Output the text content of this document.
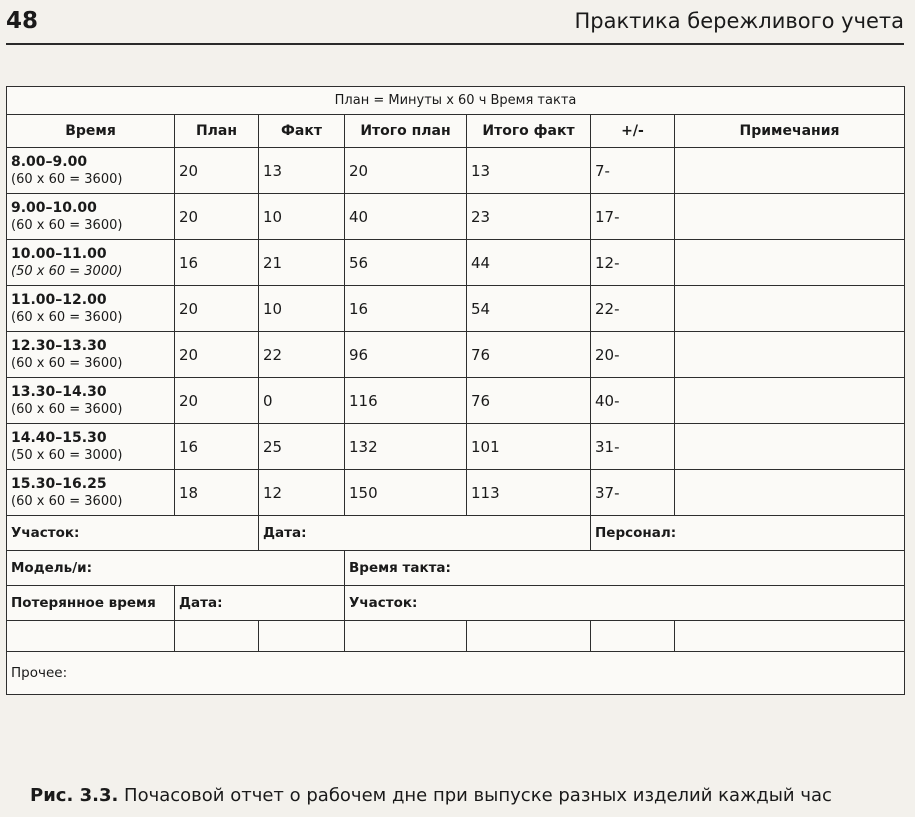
48	Практика бережливого учета
План = Минуты х 60 ч Время такта						
Время	План	Факт	Итого план	Итого факт	+/-	Примечания

8.00–9.00
(60 х 60 = 3600)	20	13	20	13	7-	

9.00–10.00
(60 х 60 = 3600)	20	10	40	23	17-	

10.00–11.00
(50 х 60 = 3000)	16	21	56	44	12-	

11.00–12.00
(60 х 60 = 3600)	20	10	16	54	22-	

12.30–13.30
(60 х 60 = 3600)	20	22	96	76	20-	

13.30–14.30
(60 х 60 = 3600)	20	0	116	76	40-	

14.40–15.30
(50 х 60 = 3000)	16	25	132	101	31-	

15.30–16.25
(60 х 60 = 3600)	18	12	150	113	37-	
Участок:		Дата:			Персонал:	
Модель/и:			Время такта:			
Потерянное время	Дата:		Участок:			

Прочее:						
Рис. 3.3. Почасовой отчет о рабочем дне при выпуске разных изделий каждый час
